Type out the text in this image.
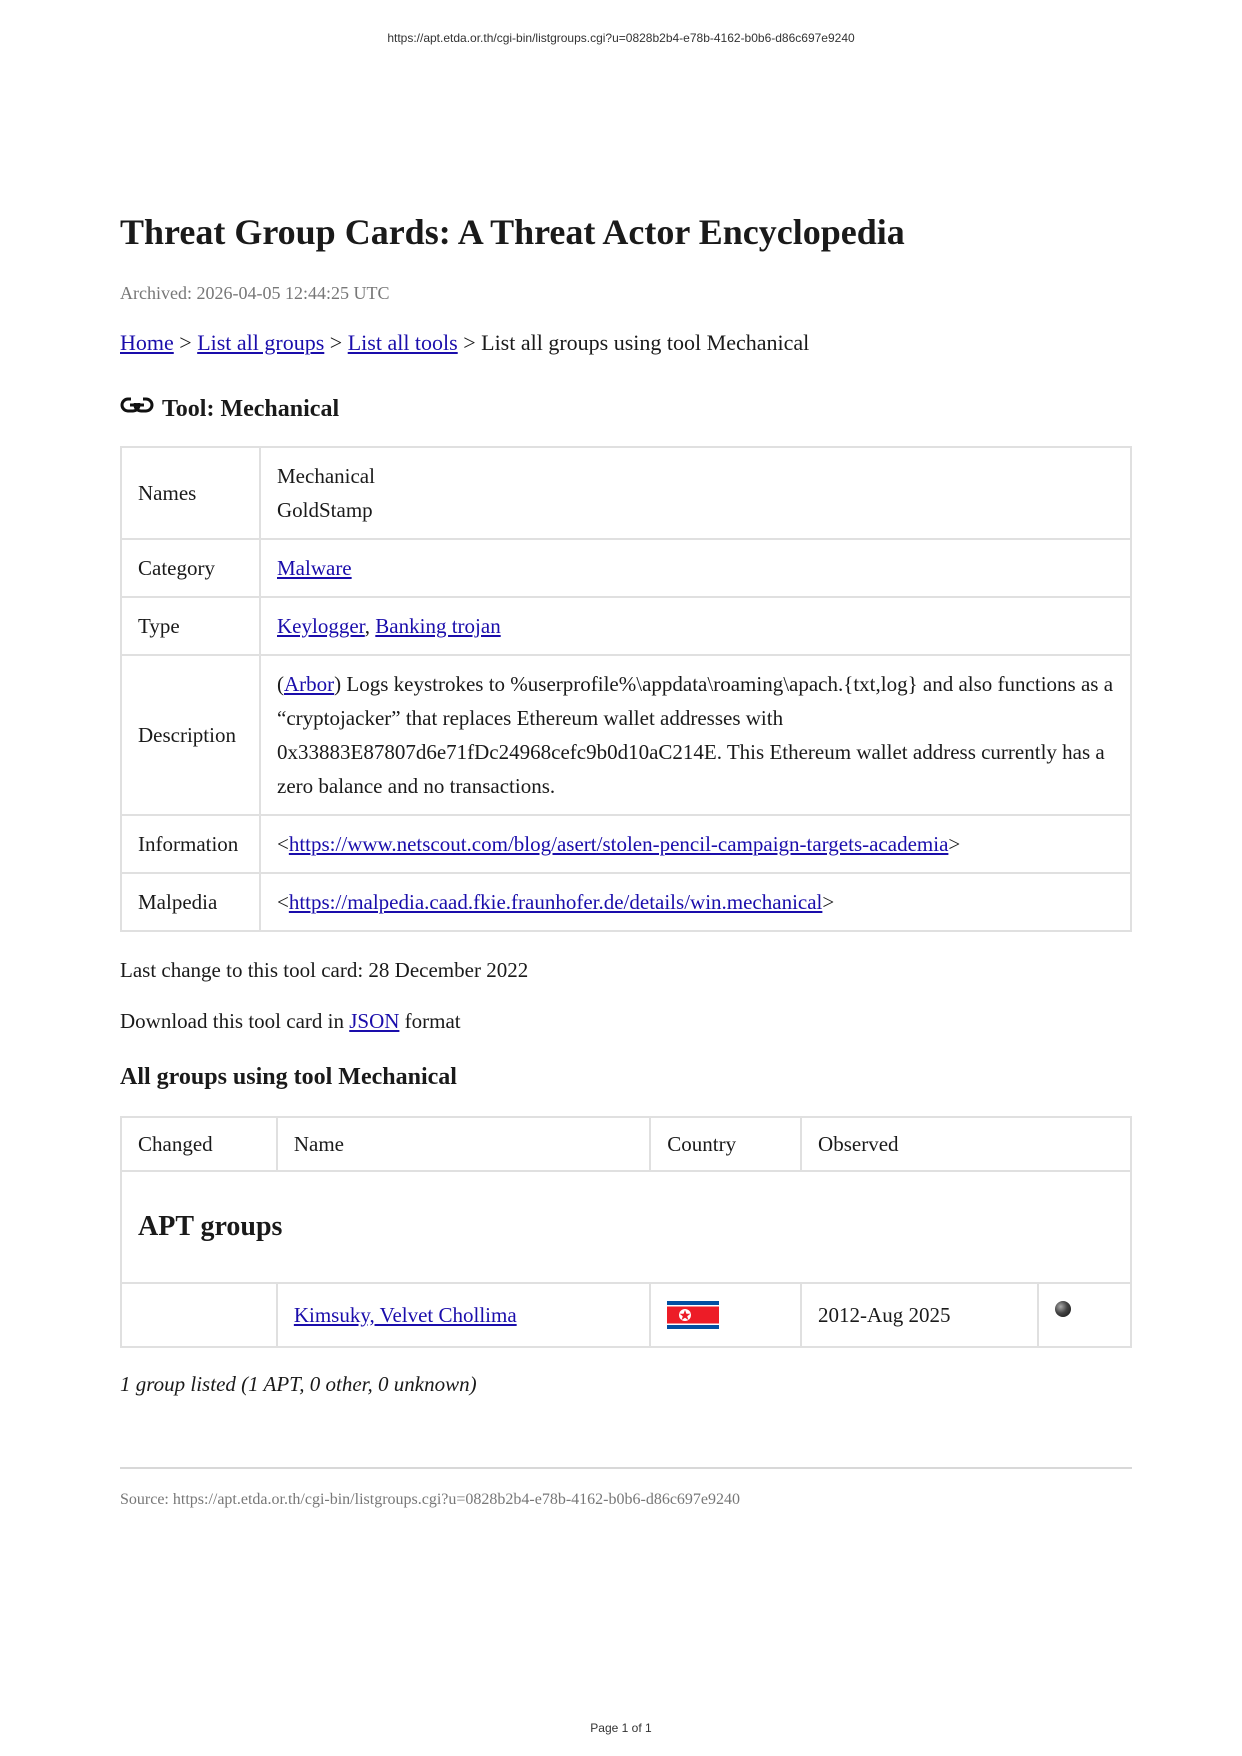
https://apt.etda.or.th/cgi-bin/listgroups.cgi?u=0828b2b4-e78b-4162-b0b6-d86c697e9240
Threat Group Cards: A Threat Actor Encyclopedia
Archived: 2026-04-05 12:44:25 UTC
Home > List all groups > List all tools > List all groups using tool Mechanical
Tool: Mechanical
Names	Mechanical
GoldStamp

Category	Malware
Type	Keylogger, Banking trojan
Description	(Arbor) Logs keystrokes to %userprofile%\appdata\roaming\apach.{txt,log} and also functions as a “cryptojacker” that replaces Ethereum wallet addresses with 0x33883E87807d6e71fDc24968cefc9b0d10aC214E. This Ethereum wallet address currently has a zero balance and no transactions.
Information	<https://www.netscout.com/blog/asert/stolen-pencil-campaign-targets-academia>
Malpedia	<https://malpedia.caad.fkie.fraunhofer.de/details/win.mechanical>
Last change to this tool card: 28 December 2022
Download this tool card in JSON format
All groups using tool Mechanical
Changed	Name	Country	Observed	
APT groups				
	Kimsuky, Velvet Chollima		2012-Aug 2025	
1 group listed (1 APT, 0 other, 0 unknown)
Source: https://apt.etda.or.th/cgi-bin/listgroups.cgi?u=0828b2b4-e78b-4162-b0b6-d86c697e9240
Page 1 of 1
